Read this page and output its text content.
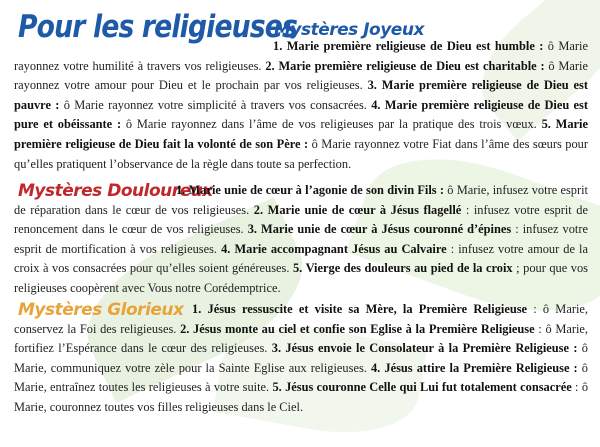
Pour les religieuses
Mystères Joyeux
1. Marie première religieuse de Dieu est humble : ô Marie rayonnez votre humilité à travers vos religieuses. 2. Marie première religieuse de Dieu est charitable : ô Marie rayonnez votre amour pour Dieu et le prochain par vos religieuses. 3. Marie première religieuse de Dieu est pauvre : ô Marie rayonnez votre simplicité à travers vos consacrées. 4. Marie première religieuse de Dieu est pure et obéissante : ô Marie rayonnez dans l’âme de vos religieuses par la pratique des trois vœux. 5. Marie première religieuse de Dieu fait la volonté de son Père : ô Marie rayonnez votre Fiat dans l’âme des sœurs pour qu’elles pratiquent l’observance de la règle dans toute sa perfection.
Mystères Douloureux
1. Marie unie de cœur à l’agonie de son divin Fils : ô Marie, infusez votre esprit de réparation dans le cœur de vos religieuses. 2. Marie unie de cœur à Jésus flagellé : infusez votre esprit de renoncement dans le cœur de vos religieuses. 3. Marie unie de cœur à Jésus couronné d’épines : infusez votre esprit de mortification à vos religieuses. 4. Marie accompagnant Jésus au Calvaire : infusez votre amour de la croix à vos consacrées pour qu’elles soient généreuses. 5. Vierge des douleurs au pied de la croix ; pour que vos religieuses coopèrent avec Vous notre Corédemptrice.
Mystères Glorieux 1. Jésus ressuscite et visite sa Mère, la Première Religieuse : ô Marie, conservez la Foi des religieuses. 2. Jésus monte au ciel et confie son Eglise à la Première Religieuse : ô Marie, fortifiez l’Espérance dans le cœur des religieuses. 3. Jésus envoie le Consolateur à la Première Religieuse : ô Marie, communiquez votre zèle pour la Sainte Eglise aux religieuses. 4. Jésus attire la Première Religieuse : ô Marie, entraînez toutes les religieuses à votre suite. 5. Jésus couronne Celle qui Lui fut totalement consacrée : ô Marie, couronnez toutes vos filles religieuses dans le Ciel.
